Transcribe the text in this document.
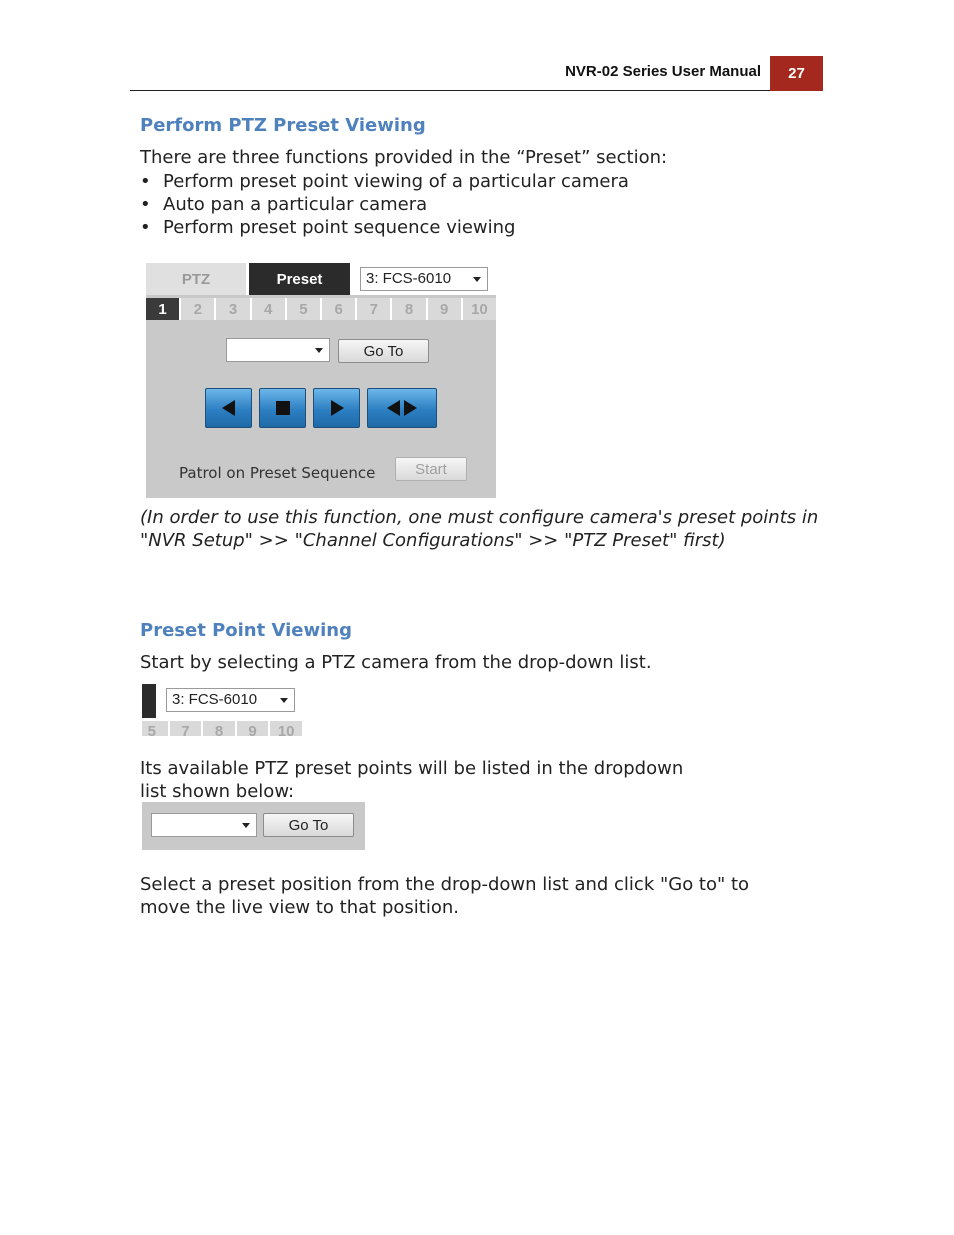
NVR-02 Series User Manual	27
Perform PTZ Preset Viewing
There are three functions provided in the “Preset” section:
• Perform preset point viewing of a particular camera
• Auto pan a particular camera
• Perform preset point sequence viewing
PTZ	Preset	3: FCS-6010
1	2	3	4	5	6	7	8	9	10
Go To
Patrol on Preset Sequence	Start
(In order to use this function, one must configure camera's preset points in "NVR Setup" >> "Channel Configurations" >> "PTZ Preset" first)
Preset Point Viewing
Start by selecting a PTZ camera from the drop-down list.
3: FCS-6010
5	7	8	9	10
Its available PTZ preset points will be listed in the dropdown
list shown below:
Go To
Select a preset position from the drop-down list and click "Go to" to
move the live view to that position.
